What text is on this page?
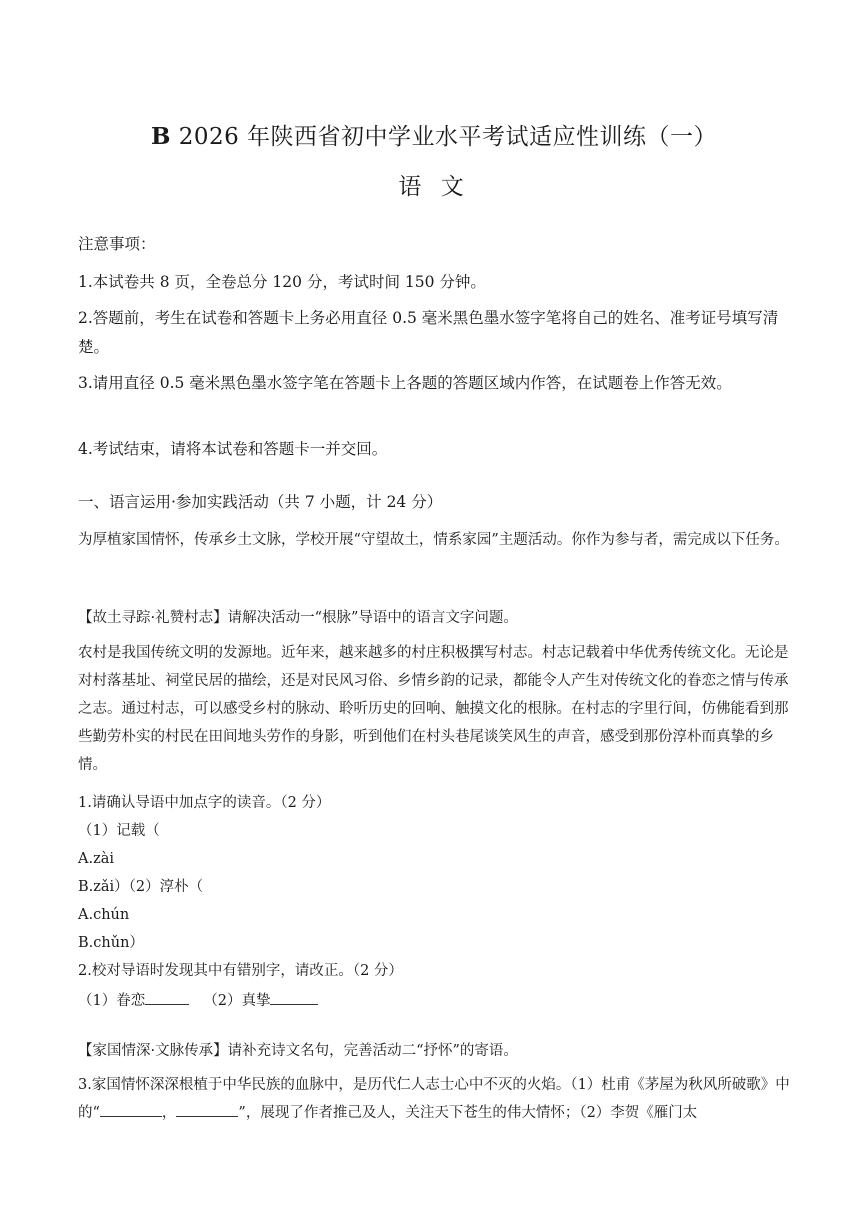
B 2026 年陕西省初中学业水平考试适应性训练（一）
语 文

注意事项：

1.本试卷共 8 页，全卷总分 120 分，考试时间 150 分钟。

2.答题前，考生在试卷和答题卡上务必用直径 0.5 毫米黑色墨水签字笔将自己的姓名、准考证号填写清楚。

3.请用直径 0.5 毫米黑色墨水签字笔在答题卡上各题的答题区域内作答，在试题卷上作答无效。

4.考试结束，请将本试卷和答题卡一并交回。

一、语言运用·参加实践活动（共 7 小题，计 24 分）

为厚植家国情怀，传承乡土文脉，学校开展“守望故土，情系家园”主题活动。你作为参与者，需完成以下任务。

【故土寻踪·礼赞村志】请解决活动一“根脉”导语中的语言文字问题。

农村是我国传统文明的发源地。近年来，越来越多的村庄积极撰写村志。村志记载着中华优秀传统文化。无论是对村落基址、祠堂民居的描绘，还是对民风习俗、乡情乡韵的记录，都能令人产生对传统文化的眷恋之情与传承之志。通过村志，可以感受乡村的脉动、聆听历史的回响、触摸文化的根脉。在村志的字里行间，仿佛能看到那些勤劳朴实的村民在田间地头劳作的身影，听到他们在村头巷尾谈笑风生的声音，感受到那份淳朴而真挚的乡情。

1.请确认导语中加点字的读音。（2 分）

（1）记载（

A.zài

B.zǎi）（2）淳朴（

A.chún

B.chǔn）

2.校对导语时发现其中有错别字，请改正。（2 分）

（1）眷恋	（2）真挚

【家国情深·文脉传承】请补充诗文名句，完善活动二“抒怀”的寄语。

3.家国情怀深深根植于中华民族的血脉中，是历代仁人志士心中不灭的火焰。（1）杜甫《茅屋为秋风所破歌》中的“	，	”，展现了作者推己及人，关注天下苍生的伟大情怀；（2）李贺《雁门太
